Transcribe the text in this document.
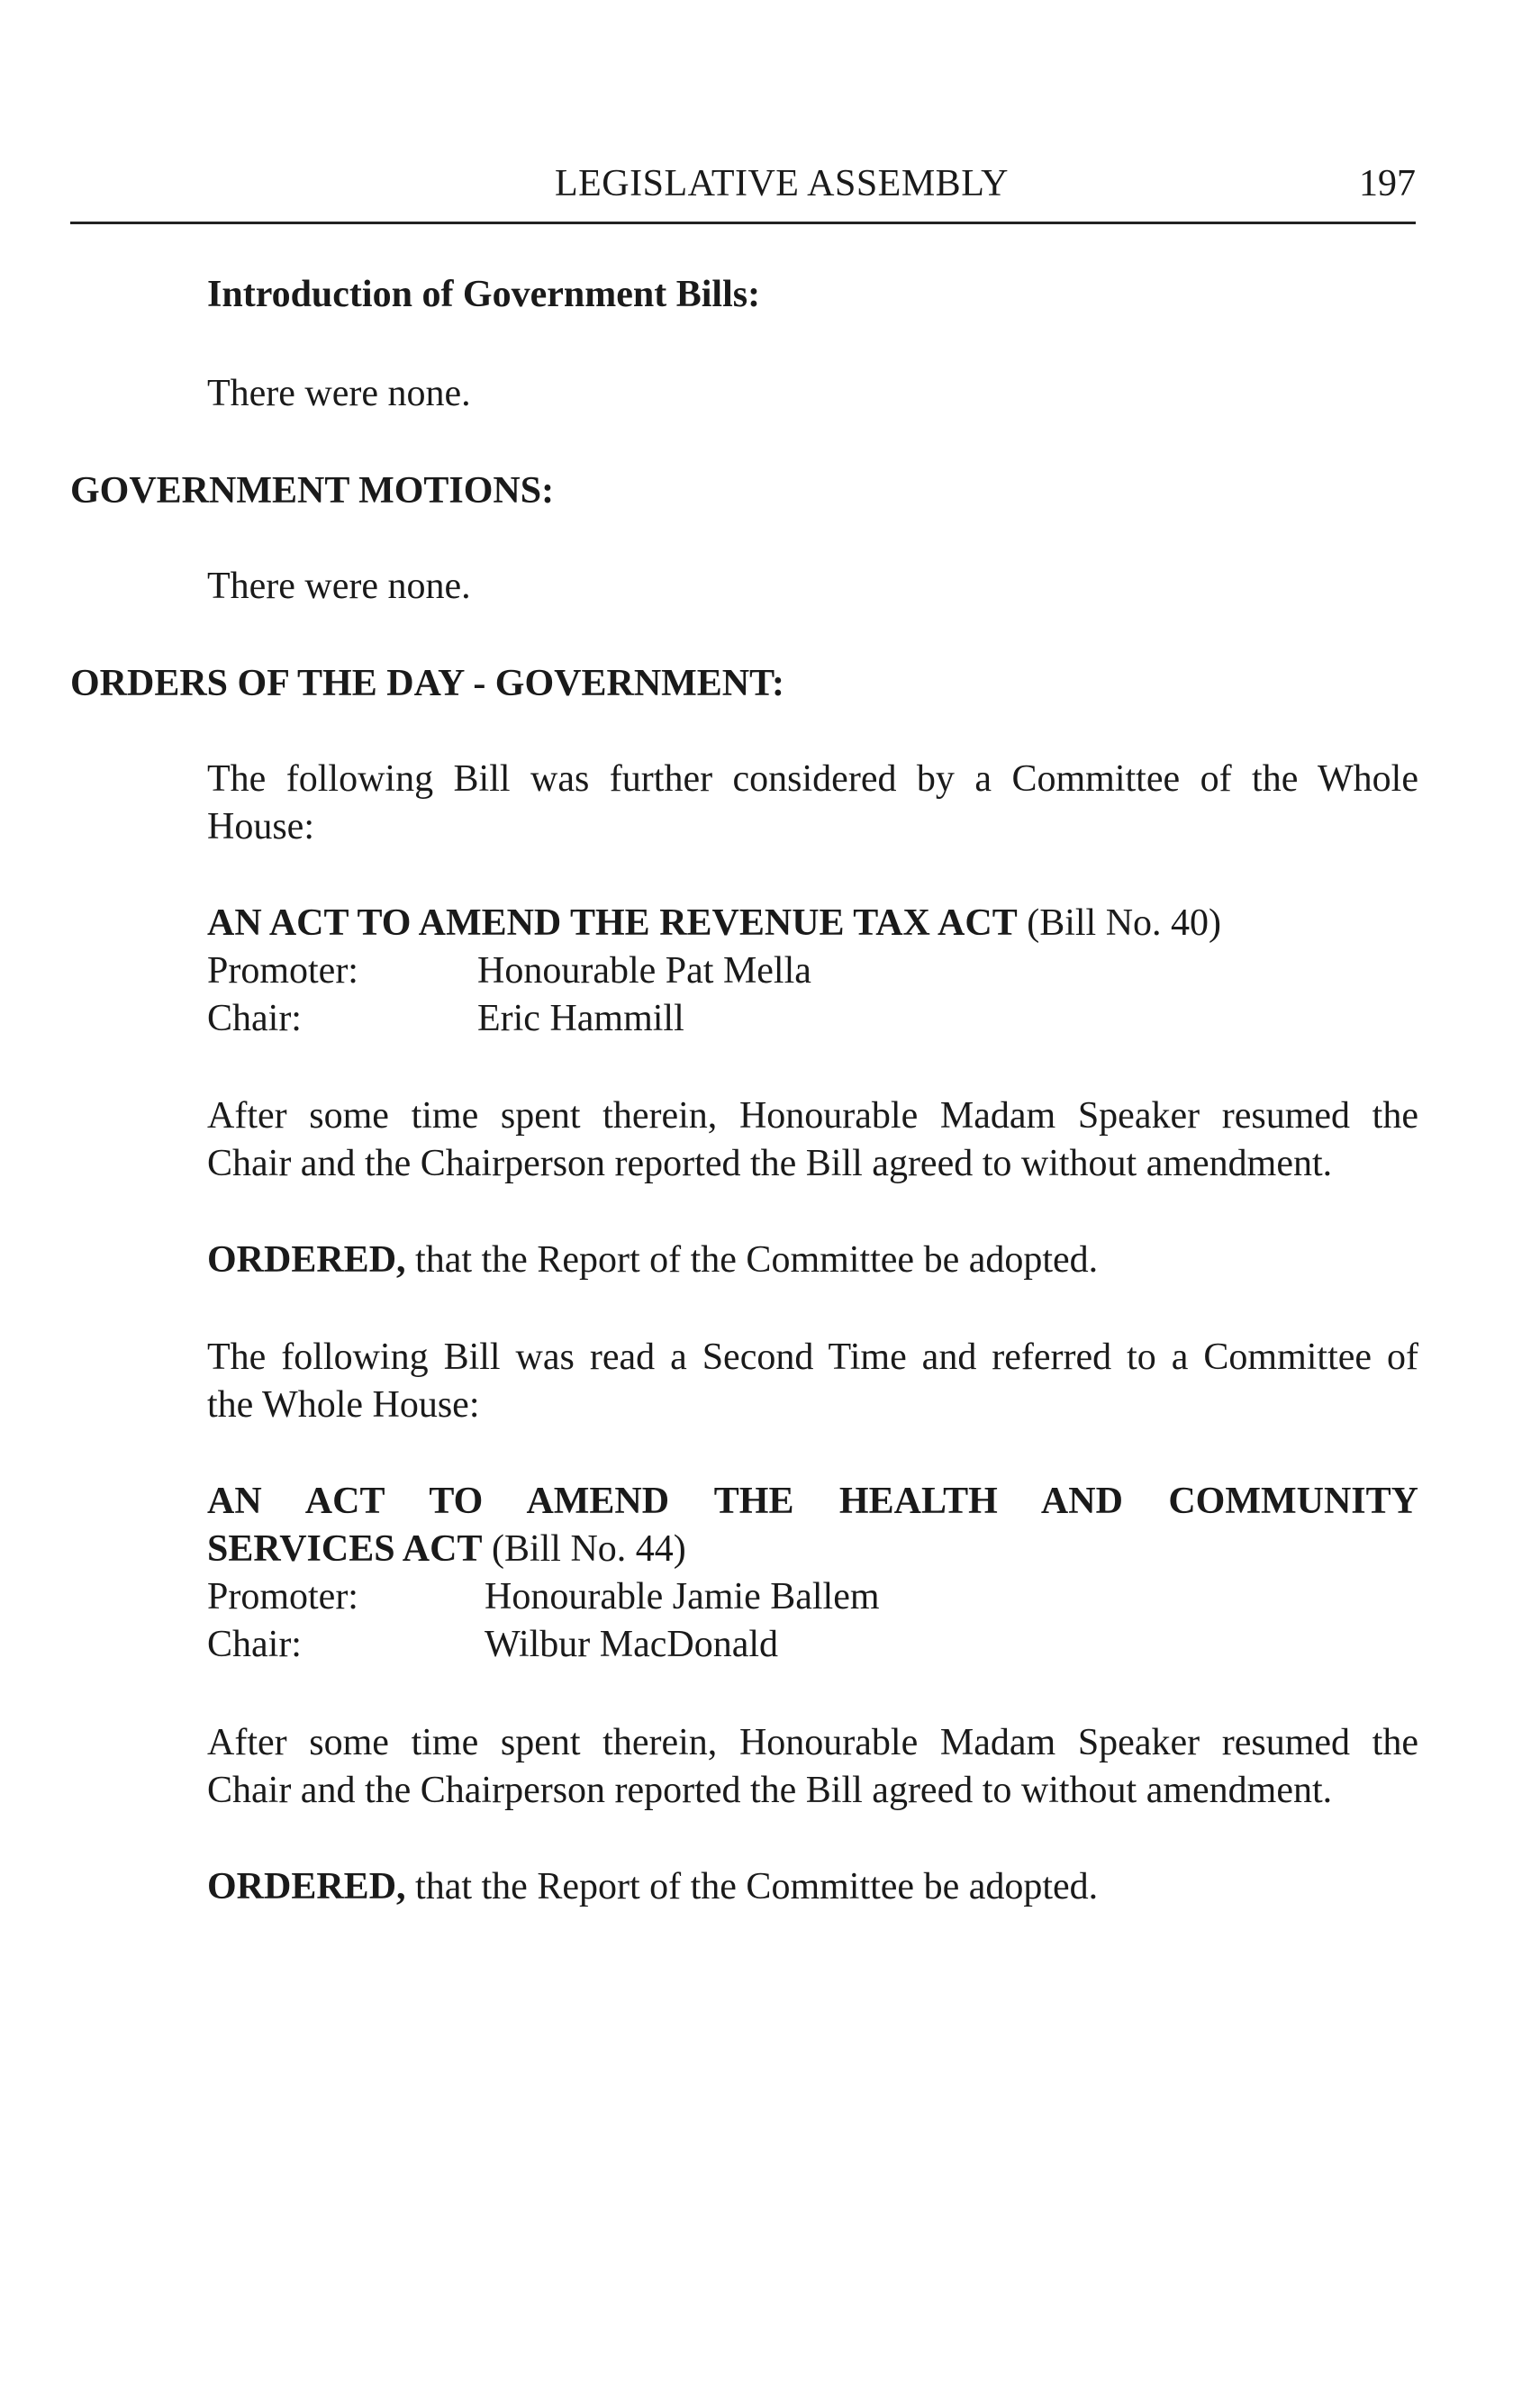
LEGISLATIVE ASSEMBLY	197
Introduction of Government Bills:
There were none.
GOVERNMENT MOTIONS:
There were none.
ORDERS OF THE DAY - GOVERNMENT:
The following Bill was further considered by a Committee of the Whole
House:
AN ACT TO AMEND THE REVENUE TAX ACT (Bill No. 40)
Promoter:	Honourable Pat Mella
Chair:	Eric Hammill
After some time spent therein, Honourable Madam Speaker resumed the
Chair and the Chairperson reported the Bill agreed to without amendment.
ORDERED, that the Report of the Committee be adopted.
The following Bill was read a Second Time and referred to a Committee of
the Whole House:
AN ACT TO AMEND THE HEALTH AND COMMUNITY
SERVICES ACT (Bill No. 44)
Promoter:	Honourable Jamie Ballem
Chair:	Wilbur MacDonald
After some time spent therein, Honourable Madam Speaker resumed the
Chair and the Chairperson reported the Bill agreed to without amendment.
ORDERED, that the Report of the Committee be adopted.
